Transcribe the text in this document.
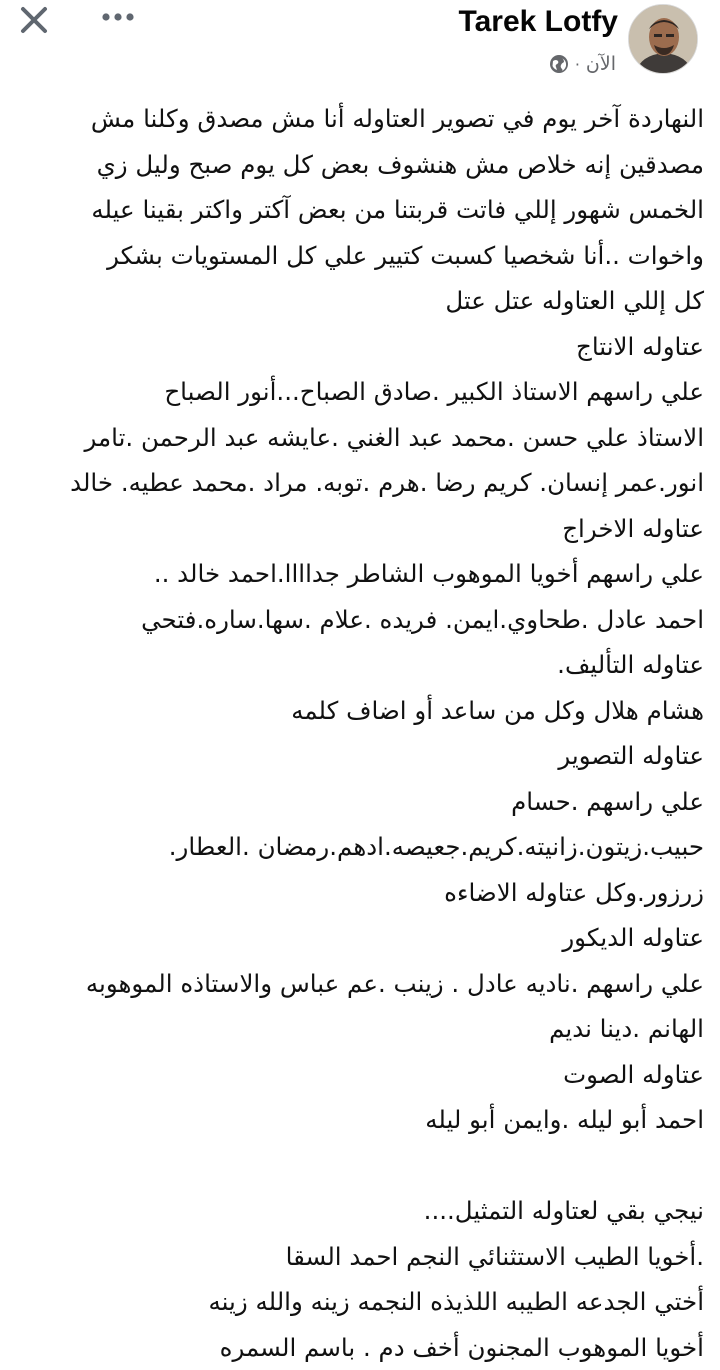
Tarek Lotfy
الآن
·
النهاردة آخر يوم في تصوير العتاوله أنا مش مصدق وكلنا مش
مصدقين إنه خلاص مش هنشوف بعض كل يوم صبح وليل زي
الخمس شهور إللي فاتت قربتنا من بعض آكتر واكتر بقينا عيله
واخوات ..أنا شخصيا كسبت كتيير علي كل المستويات بشكر
كل إللي العتاوله عتل عتل
عتاوله الانتاج
علي راسهم الاستاذ الكبير .صادق الصباح...أنور الصباح
الاستاذ علي حسن .محمد عبد الغني .عايشه عبد الرحمن .تامر
انور.عمر إنسان. كريم رضا .هرم .توبه. مراد .محمد عطيه. خالد
عتاوله الاخراج
علي راسهم أخويا الموهوب الشاطر جداااا.احمد خالد ..
احمد عادل .طحاوي.ايمن. فريده .علام .سها.ساره.فتحي
عتاوله التأليف.
هشام هلال وكل من ساعد أو اضاف كلمه
عتاوله التصوير
علي راسهم .حسام
حبيب.زيتون.زانيته.كريم.جعيصه.ادهم.رمضان .العطار.
زرزور.وكل عتاوله الاضاءه
عتاوله الديكور
علي راسهم .ناديه عادل . زينب .عم عباس والاستاذه الموهوبه
الهانم .دينا نديم
عتاوله الصوت
احمد أبو ليله .وايمن أبو ليله
نيجي بقي لعتاوله التمثيل....
.أخويا الطيب الاستثنائي النجم احمد السقا
أختي الجدعه الطيبه اللذيذه النجمه زينه والله زينه
أخويا الموهوب المجنون أخف دم . باسم السمره
